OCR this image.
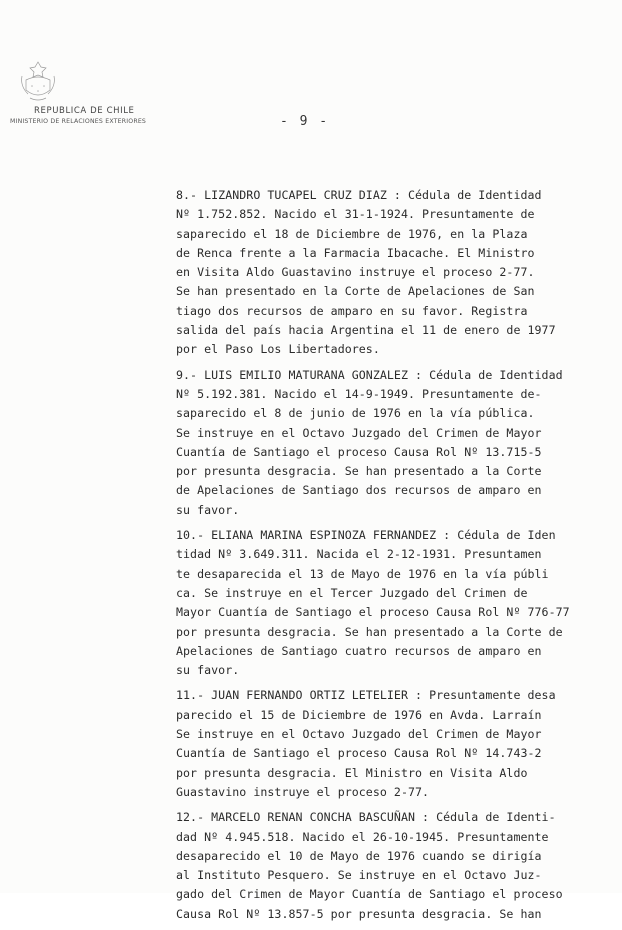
REPUBLICA DE CHILE
MINISTERIO DE RELACIONES EXTERIORES	- 9 -

8.- LIZANDRO TUCAPEL CRUZ DIAZ : Cédula de Identidad

Nº 1.752.852. Nacido el 31-1-1924. Presuntamente de

saparecido el 18 de Diciembre de 1976, en la Plaza

de Renca frente a la Farmacia Ibacache. El Ministro

en Visita Aldo Guastavino instruye el proceso 2-77.

Se han presentado en la Corte de Apelaciones de San

tiago dos recursos de amparo en su favor. Registra

salida del país hacia Argentina el 11 de enero de 1977

por el Paso Los Libertadores.

9.- LUIS EMILIO MATURANA GONZALEZ : Cédula de Identidad

Nº 5.192.381. Nacido el 14-9-1949. Presuntamente de-

saparecido el 8 de junio de 1976 en la vía pública.

Se instruye en el Octavo Juzgado del Crimen de Mayor

Cuantía de Santiago el proceso Causa Rol Nº 13.715-5

por presunta desgracia. Se han presentado a la Corte

de Apelaciones de Santiago dos recursos de amparo en

su favor.

10.- ELIANA MARINA ESPINOZA FERNANDEZ : Cédula de Iden

tidad Nº 3.649.311. Nacida el 2-12-1931. Presuntamen

te desaparecida el 13 de Mayo de 1976 en la vía públi

ca. Se instruye en el Tercer Juzgado del Crimen de

Mayor Cuantía de Santiago el proceso Causa Rol Nº 776-77

por presunta desgracia. Se han presentado a la Corte de

Apelaciones de Santiago cuatro recursos de amparo en

su favor.

11.- JUAN FERNANDO ORTIZ LETELIER : Presuntamente desa

parecido el 15 de Diciembre de 1976 en Avda. Larraín

Se instruye en el Octavo Juzgado del Crimen de Mayor

Cuantía de Santiago el proceso Causa Rol Nº 14.743-2

por presunta desgracia. El Ministro en Visita Aldo

Guastavino instruye el proceso 2-77.

12.- MARCELO RENAN CONCHA BASCUÑAN : Cédula de Identi-

dad Nº 4.945.518. Nacido el 26-10-1945. Presuntamente

desaparecido el 10 de Mayo de 1976 cuando se dirigía

al Instituto Pesquero. Se instruye en el Octavo Juz-

gado del Crimen de Mayor Cuantía de Santiago el proceso

Causa Rol Nº 13.857-5 por presunta desgracia. Se han
